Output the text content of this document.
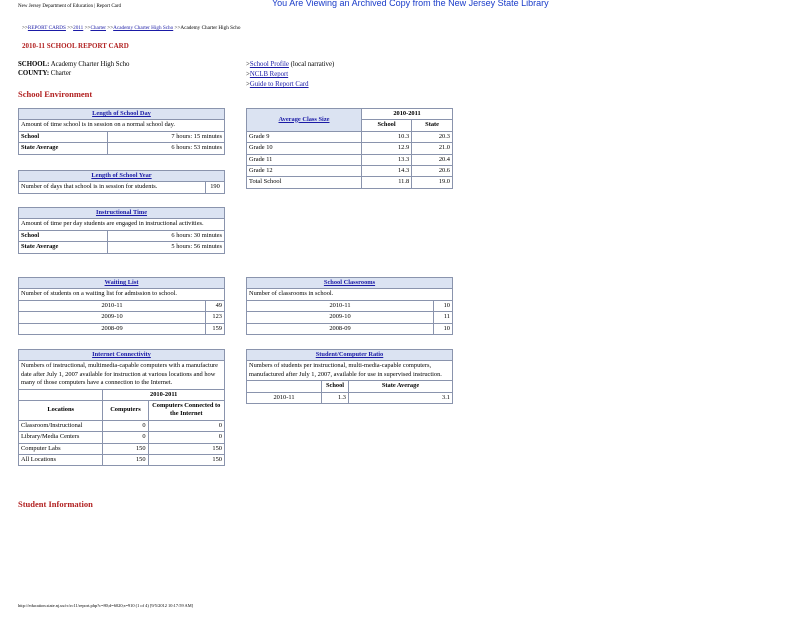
New Jersey Department of Education | Report Card	You Are Viewing an Archived Copy from the New Jersey State Library
>>REPORT CARDS >>2011 >>Charter >>Academy Charter High Scho >>Academy Charter High Scho
2010-11 SCHOOL REPORT CARD
SCHOOL: Academy Charter High Scho
COUNTY: Charter
>School Profile (local narrative)
>NCLB Report
>Guide to Report Card
School Environment
Length of School Day	
Amount of time school is in session on a normal school day.	
School	7 hours: 15 minutes
State Average	6 hours: 53 minutes
Length of School Year
Number of days that school is in session for students.	190
Instructional Time	
Amount of time per day students are engaged in instructional activities.	
School	6 hours: 30 minutes
State Average	5 hours: 56 minutes
Average Class Size	2010-2011	
	School	State
Grade 9	10.3	20.3
Grade 10	12.9	21.0
Grade 11	13.3	20.4
Grade 12	14.3	20.6
Total School	11.8	19.0
Waiting List	
Number of students on a waiting list for admission to school.	
2010-11	49
2009-10	123
2008-09	159
School Classrooms	
Number of classrooms in school.	
2010-11	10
2009-10	11
2008-09	10
Internet Connectivity		
Numbers of instructional, multimedia-capable computers with a manufacture date after July 1, 2007 available for instruction at various locations and how many of those computers have a connection to the Internet.		
	2010-2011	
Locations	Computers	Computers Connected to the Internet
Classroom/Instructional	0	0
Library/Media Centers	0	0
Computer Labs	150	150
All Locations	150	150
Student/Computer Ratio		
Numbers of students per instructional, multi-media-capable computers, manufactured after July 1, 2007, available for use in supervised instruction.		
	School	State Average
2010-11	1.3	3.1
Student Information
http://education.state.nj.us/rc/rc11/report.php?c=80;d=6020;s=910 (1 of 4) [9/5/2012 10:17:59 AM]
